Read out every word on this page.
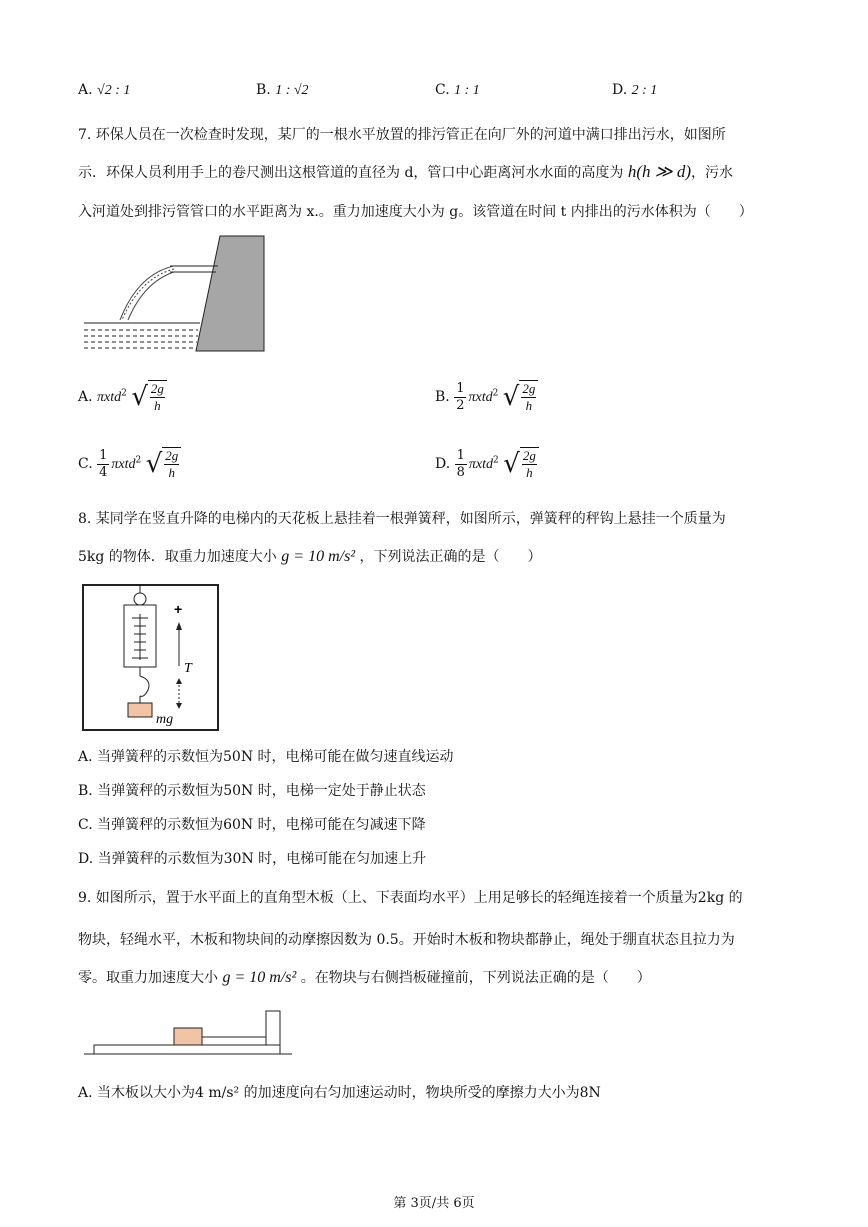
A. √2 : 1	B. 1 : √2	C. 1 : 1	D. 2 : 1
7. 环保人员在一次检查时发现，某厂的一根水平放置的排污管正在向厂外的河道中满口排出污水，如图所
示．环保人员利用手上的卷尺测出这根管道的直径为 d，管口中心距离河水水面的高度为 h(h ≫ d)，污水
入河道处到排污管管口的水平距离为 x.。重力加速度大小为 g。该管道在时间 t 内排出的污水体积为（　　）
A. πxtd$^2$ √ 2g
h
B. $\frac{1}{2} \pi xtd^2$ √ 2g
h
C. $\frac{1}{4} \pi xtd^2$ √ 2g
h
D. $\frac{1}{8} \pi xtd^2$ √ 2g
h
8. 某同学在竖直升降的电梯内的天花板上悬挂着一根弹簧秤，如图所示，弹簧秤的秤钩上悬挂一个质量为
5kg 的物体．取重力加速度大小 g = 10 m/s² ，下列说法正确的是（　　）
+
T
mg
A. 当弹簧秤的示数恒为50N 时，电梯可能在做匀速直线运动
B. 当弹簧秤的示数恒为50N 时，电梯一定处于静止状态
C. 当弹簧秤的示数恒为60N 时，电梯可能在匀减速下降
D. 当弹簧秤的示数恒为30N 时，电梯可能在匀加速上升
9. 如图所示，置于水平面上的直角型木板（上、下表面均水平）上用足够长的轻绳连接着一个质量为2kg 的
物块，轻绳水平，木板和物块间的动摩擦因数为 0.5。开始时木板和物块都静止，绳处于绷直状态且拉力为
零。取重力加速度大小 g = 10 m/s² 。在物块与右侧挡板碰撞前，下列说法正确的是（　　）
A. 当木板以大小为4 m/s² 的加速度向右匀加速运动时，物块所受的摩擦力大小为8N
第 3页/共 6页
